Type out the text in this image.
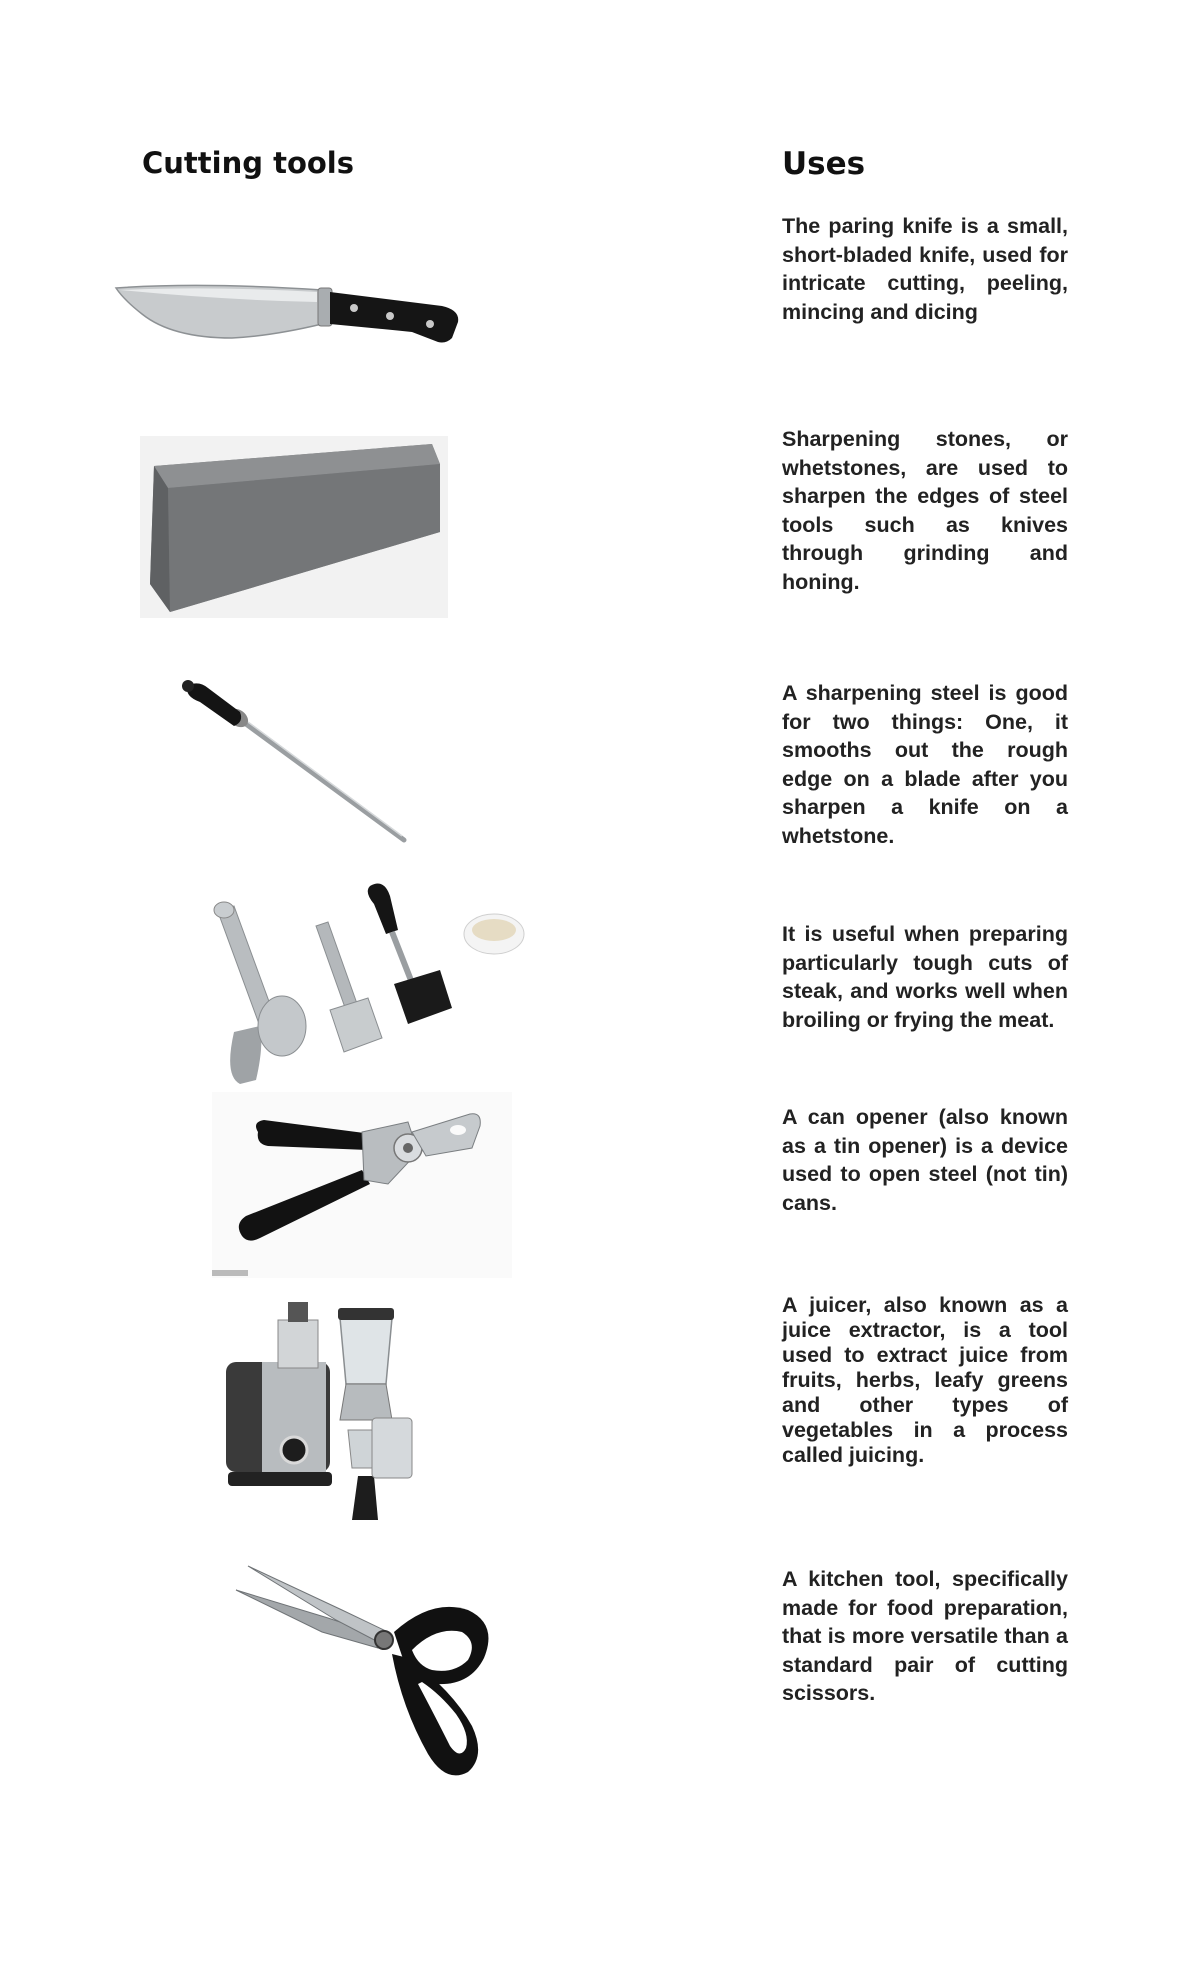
Cutting tools	Uses
The paring knife is a small, short-bladed knife, used for intricate cutting, peeling, mincing and dicing
Sharpening stones, or whetstones, are used to sharpen the edges of steel tools such as knives through grinding and honing.
A sharpening steel is good for two things: One, it smooths out the rough edge on a blade after you sharpen a knife on a whetstone.
It is useful when preparing particularly tough cuts of steak, and works well when broiling or frying the meat.
A can opener (also known as a tin opener) is a device used to open steel (not tin) cans.
A juicer, also known as a juice extractor, is a tool used to extract juice from fruits, herbs, leafy greens and other types of vegetables in a process called juicing.
A kitchen tool, specifically made for food preparation, that is more versatile than a standard pair of cutting scissors.
